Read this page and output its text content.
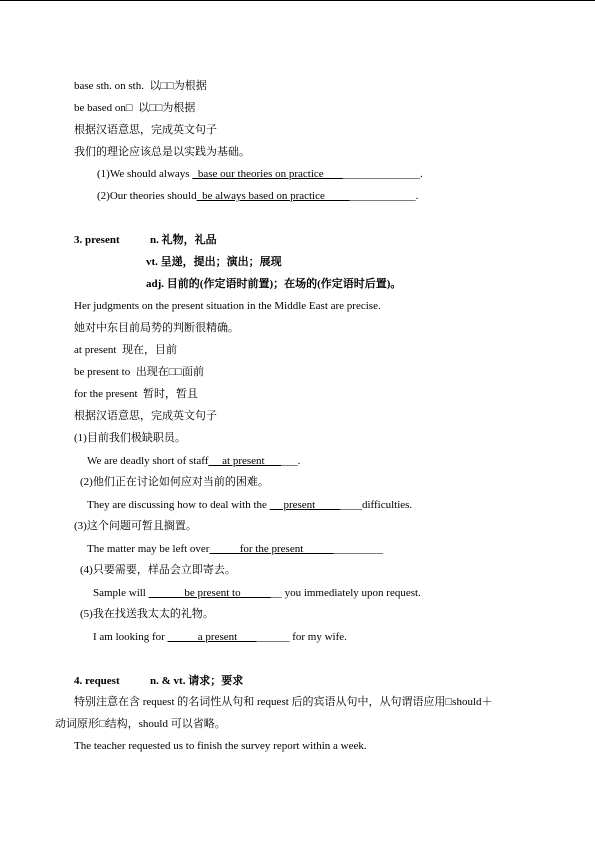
base sth. on sth.  以□□为根据
be based on□  以□□为根据
根据汉语意思，完成英文句子
我们的理论应该总是以实践为基础。
(1)We should always   base our theories on practice       ______________.
(2)Our theories should  be always based on practice         ____________.
3. present	n. 礼物，礼品
vt. 呈递，提出；演出；展现
adj. 目前的(作定语时前置)；在场的(作定语时后置)。
Her judgments on the present situation in the Middle East are precise.
她对中东目前局势的判断很精确。
at present  现在，目前
be present to  出现在□□面前
for the present  暂时，暂且
根据汉语意思，完成英文句子
(1)目前我们极缺职员。
We are deadly short of staff__ at present      ___.
(2)他们正在讨论如何应对当前的困难。
They are discussing how to deal with the __ present ________difficulties.
(3)这个问题可暂且搁置。
The matter may be left over_____ for the present           _________
(4)只要需要，样品会立即寄去。
Sample will ______ be present to           __ you immediately upon request.
(5)我在找送我太太的礼物。
I am looking for _____ a present       ______ for my wife.
4. request	n. & vt. 请求；要求
特别注意在含 request 的名词性从句和 request 后的宾语从句中，从句谓语应用□should＋
动词原形□结构，should 可以省略。
The teacher requested us to finish the survey report within a week.
